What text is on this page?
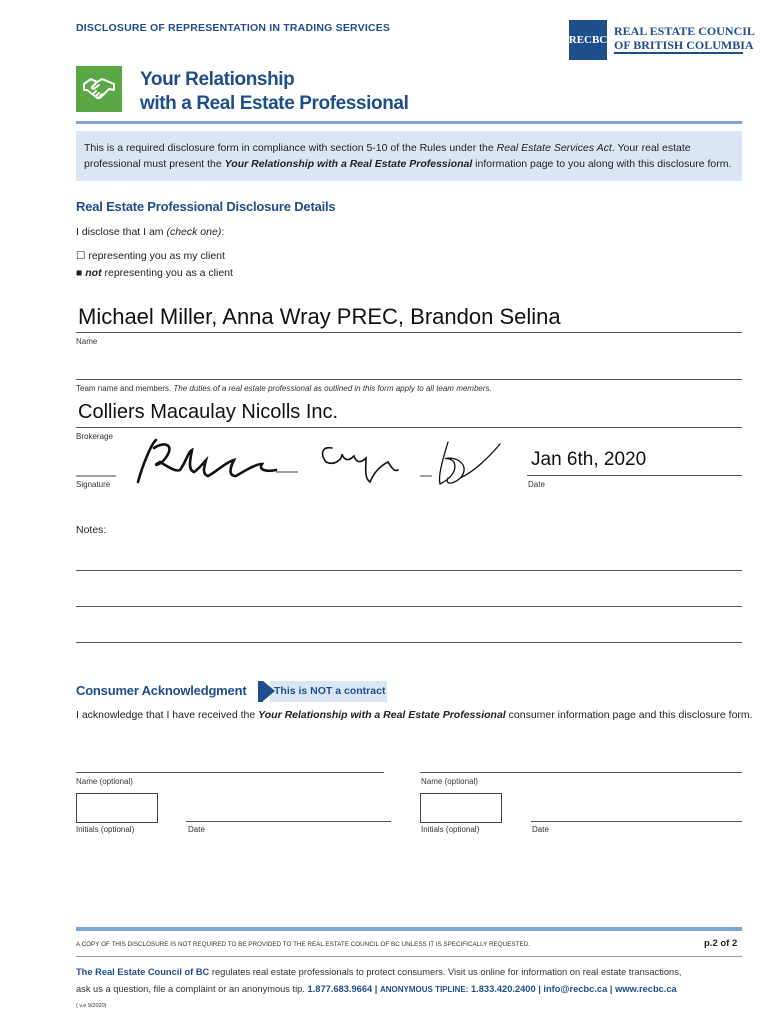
DISCLOSURE OF REPRESENTATION IN TRADING SERVICES
RECBC
REAL ESTATE COUNCIL
OF BRITISH COLUMBIA
Your Relationship
with a Real Estate Professional
This is a required disclosure form in compliance with section 5-10 of the Rules under the Real Estate Services Act. Your real estate professional must present the Your Relationship with a Real Estate Professional information page to you along with this disclosure form.
Real Estate Professional Disclosure Details
I disclose that I am (check one):
☐ representing you as my client
■ not representing you as a client
Michael Miller, Anna Wray PREC, Brandon Selina
Name
Team name and members. The duties of a real estate professional as outlined in this form apply to all team members.
Colliers Macaulay Nicolls Inc.
Brokerage
Signature
Jan 6th, 2020
Date
Notes:
Consumer Acknowledgment	This is NOT a contract
I acknowledge that I have received the Your Relationship with a Real Estate Professional consumer information page and this disclosure form.
Name (optional)	Name (optional)
Initials (optional)	Date	Initials (optional)	Date
A COPY OF THIS DISCLOSURE IS NOT REQUIRED TO BE PROVIDED TO THE REAL ESTATE COUNCIL OF BC UNLESS IT IS SPECIFICALLY REQUESTED.	p.2 of 2
The Real Estate Council of BC regulates real estate professionals to protect consumers. Visit us online for information on real estate transactions,
ask us a question, file a complaint or an anonymous tip. 1.877.683.9664 | ANONYMOUS TIPLINE: 1.833.420.2400 | info@recbc.ca | www.recbc.ca
( v.e 9/2020)
